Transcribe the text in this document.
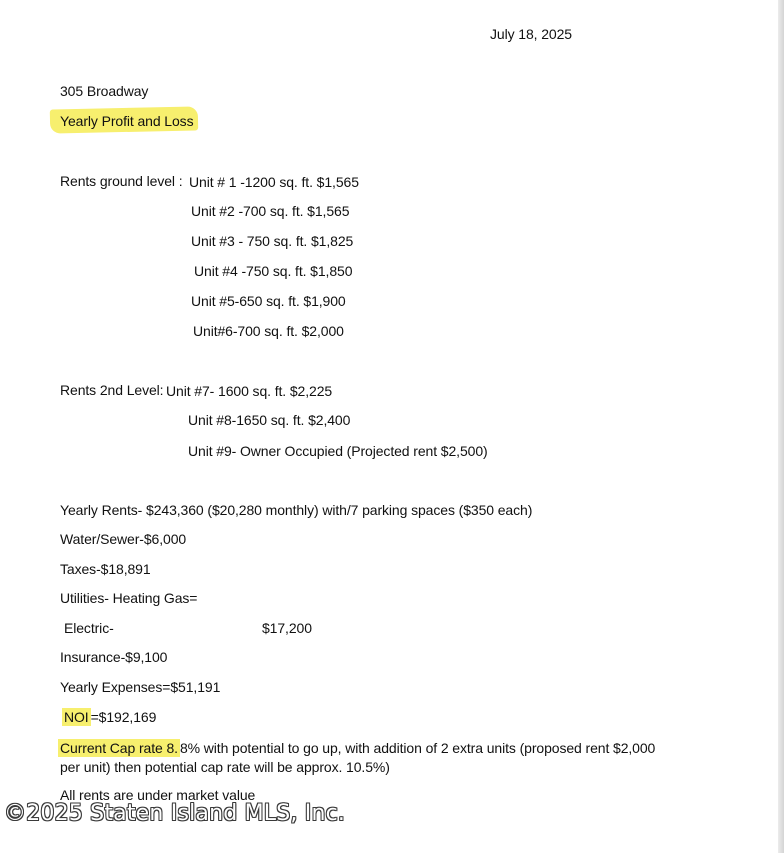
July 18, 2025
305 Broadway
Yearly Profit and Loss
Rents ground level : Unit # 1 -1200 sq. ft. $1,565
Unit #2 -700 sq. ft. $1,565
Unit #3 - 750 sq. ft. $1,825
Unit #4 -750 sq. ft. $1,850
Unit #5-650 sq. ft. $1,900
Unit#6-700 sq. ft. $2,000
Rents 2nd Level: Unit #7- 1600 sq. ft. $2,225
Unit #8-1650 sq. ft. $2,400
Unit #9- Owner Occupied (Projected rent $2,500)
Yearly Rents- $243,360 ($20,280 monthly) with/7 parking spaces ($350 each)
Water/Sewer-$6,000
Taxes-$18,891
Utilities- Heating Gas=
Electric-	$17,200
Insurance-$9,100
Yearly Expenses=$51,191
NOI =$192,169
Current Cap rate 8. 8% with potential to go up, with addition of 2 extra units (proposed rent $2,000
per unit) then potential cap rate will be approx. 10.5%)
All rents are under market value
©2025 Staten Island MLS, Inc.
